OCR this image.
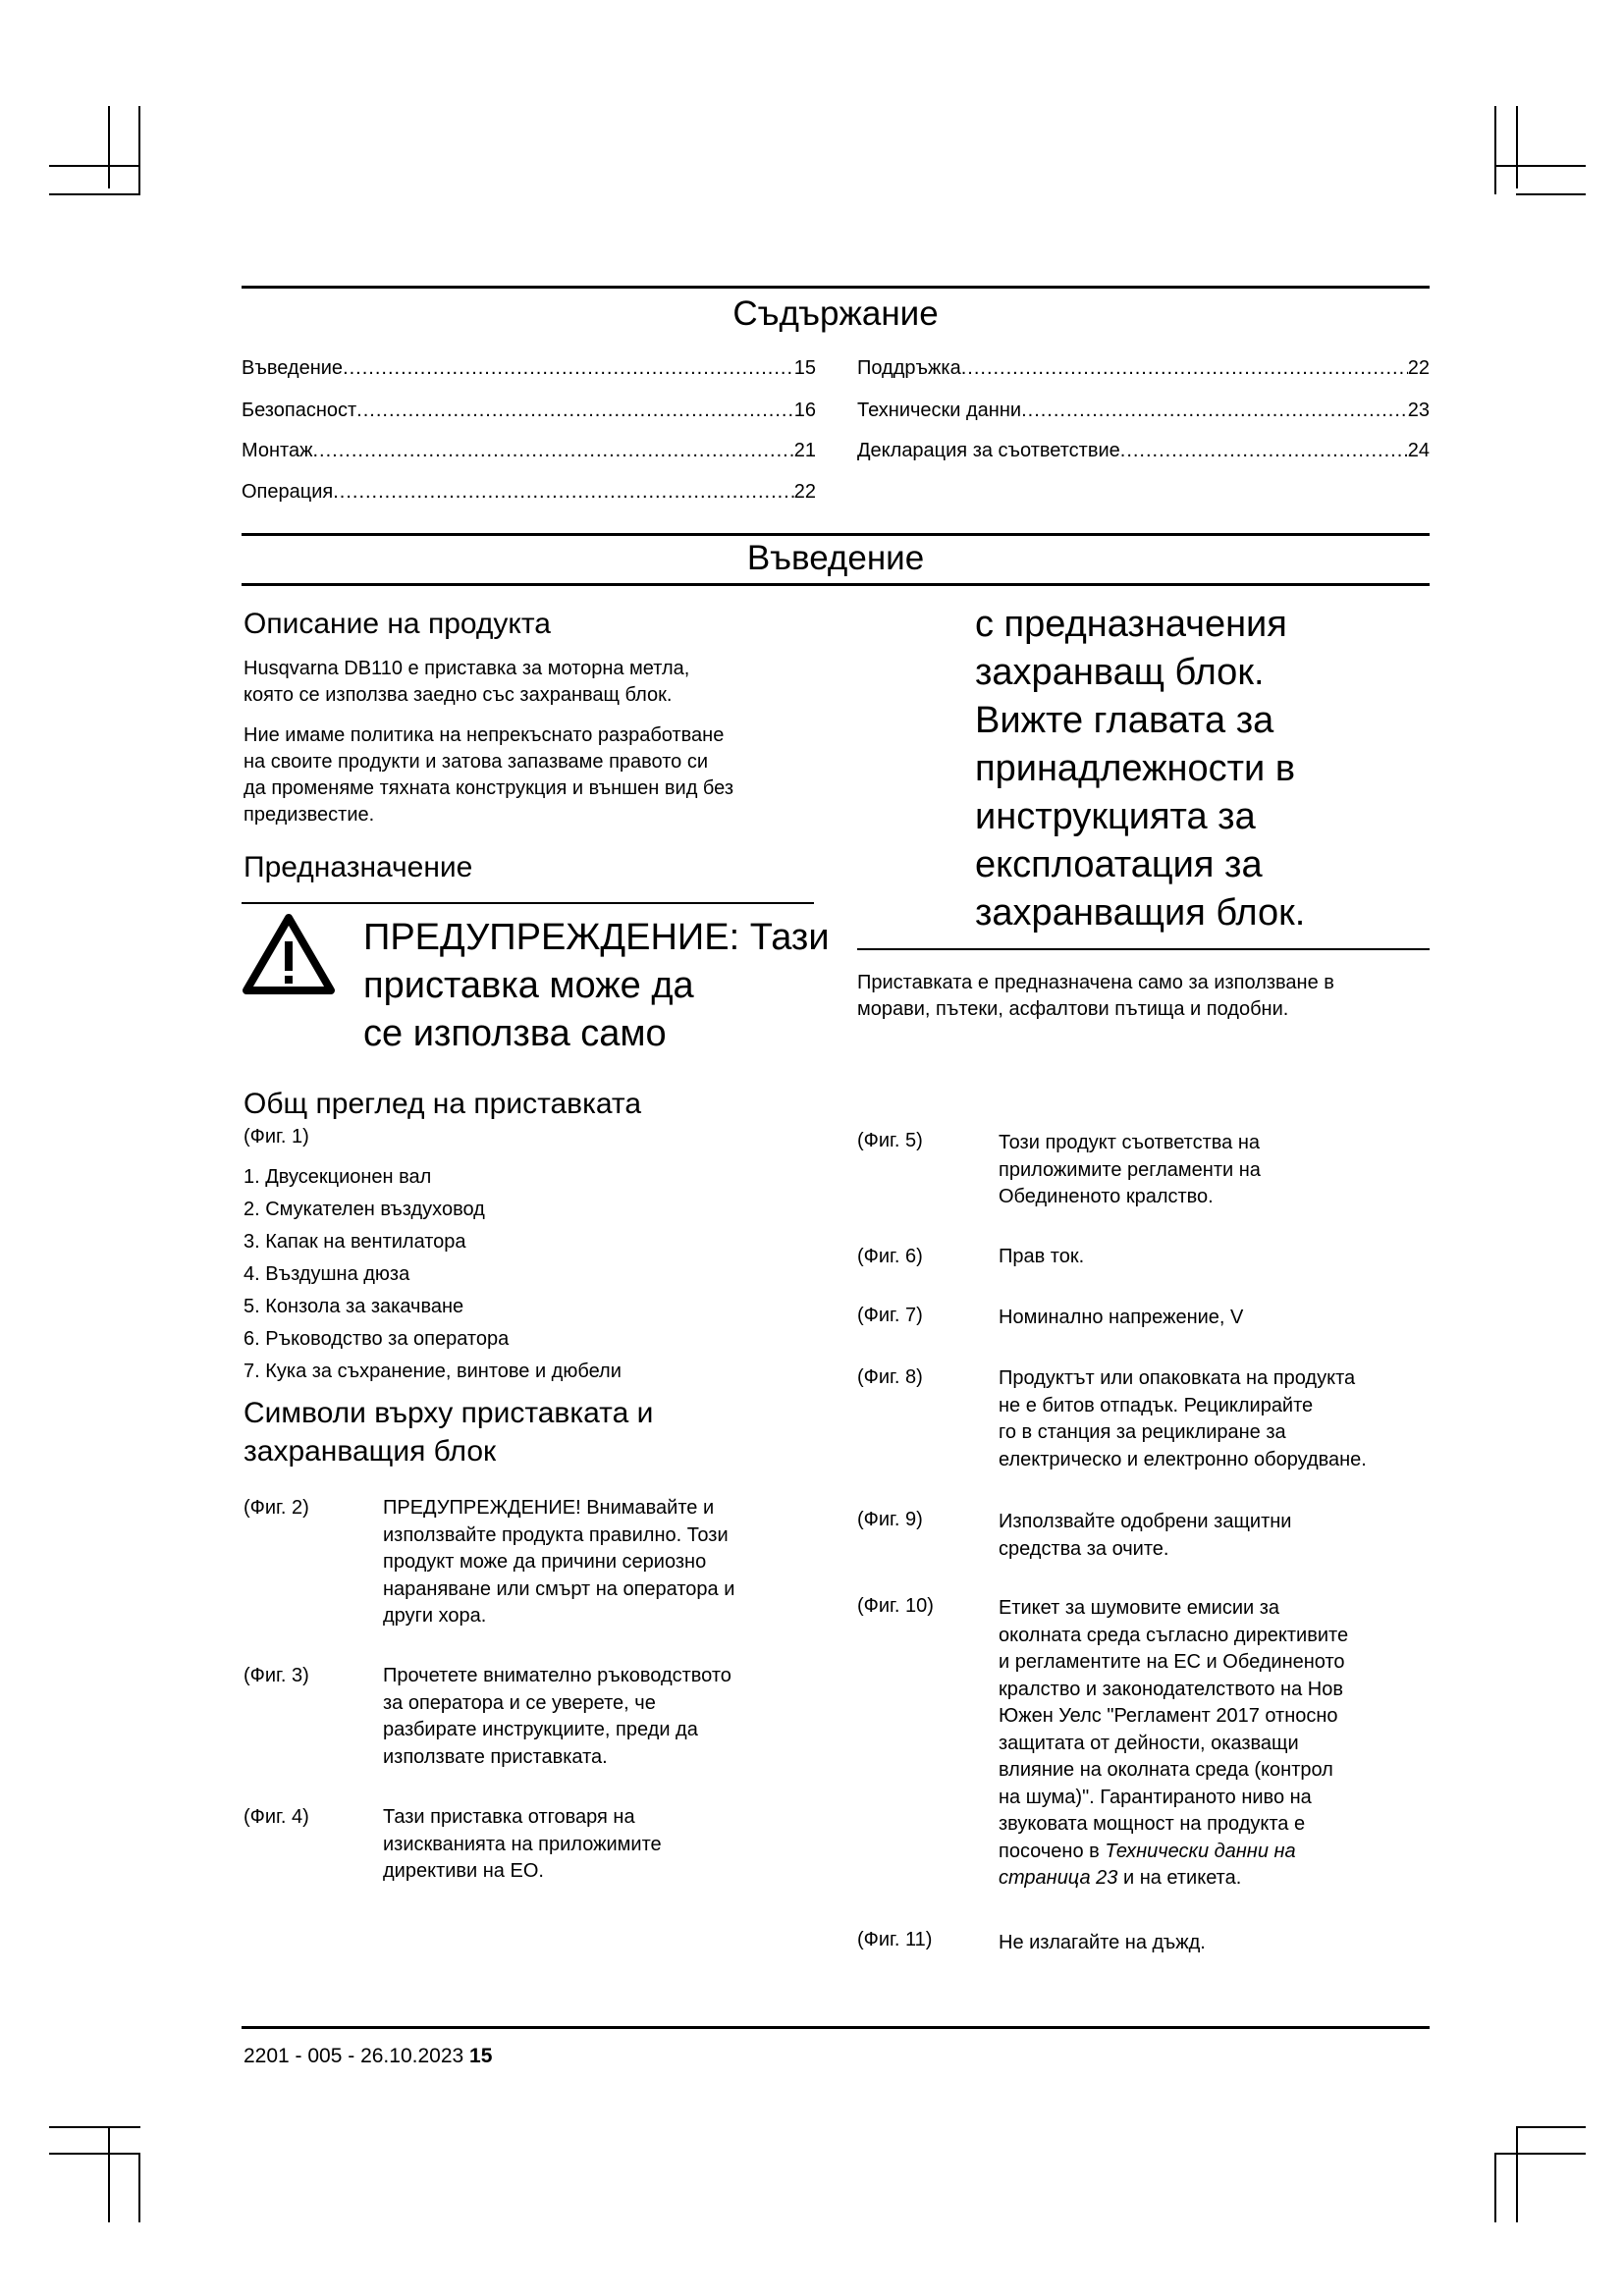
Съдържание
Въведение .....	15
Безопасност .....	16
Монтаж .....	21
Операция .....	22
Поддръжка .....	22
Технически данни .....	23
Декларация за съответствие .....	24
Въведение
Описание на продукта
Husqvarna DB110 е приставка за моторна метла,
която се използва заедно със захранващ блок.
Ние имаме политика на непрекъснато разработване
на своите продукти и затова запазваме правото си
да променяме тяхната конструкция и външен вид без
предизвестие.
Предназначение
ПРЕДУПРЕЖДЕНИЕ: Тази
приставка може да
се използва само
Общ преглед на приставката
(Фиг. 1)
1. Двусекционен вал
2. Смукателен въздуховод
3. Капак на вентилатора
4. Въздушна дюза
5. Конзола за закачване
6. Ръководство за оператора
7. Кука за съхранение, винтове и дюбели
Символи върху приставката и
захранващия блок
(Фиг. 2)	ПРЕДУПРЕЖДЕНИЕ! Внимавайте и
използвайте продукта правилно. Този
продукт може да причини сериозно
нараняване или смърт на оператора и
други хора.
(Фиг. 3)	Прочетете внимателно ръководството
за оператора и се уверете, че
разбирате инструкциите, преди да
използвате приставката.
(Фиг. 4)	Тази приставка отговаря на
изискванията на приложимите
директиви на ЕО.
с предназначения
захранващ блок.
Вижте главата за
принадлежности в
инструкцията за
експлоатация за
захранващия блок.
Приставката е предназначена само за използване в
морави, пътеки, асфалтови пътища и подобни.
(Фиг. 5)	Този продукт съответства на
приложимите регламенти на
Обединеното кралство.
(Фиг. 6)	Прав ток.
(Фиг. 7)	Номинално напрежение, V
(Фиг. 8)	Продуктът или опаковката на продукта
не е битов отпадък. Рециклирайте
го в станция за рециклиране за
електрическо и електронно оборудване.
(Фиг. 9)	Използвайте одобрени защитни
средства за очите.
(Фиг. 10)	Етикет за шумовите емисии за
околната среда съгласно директивите
и регламентите на ЕС и Обединеното
кралство и законодателството на Нов
Южен Уелс "Регламент 2017 относно
защитата от дейности, оказващи
влияние на околната среда (контрол
на шума)". Гарантираното ниво на
звуковата мощност на продукта е
посочено в Технически данни на
страница 23 и на етикета.
(Фиг. 11)	Не излагайте на дъжд.
2201 - 005 - 26.10.2023 15
